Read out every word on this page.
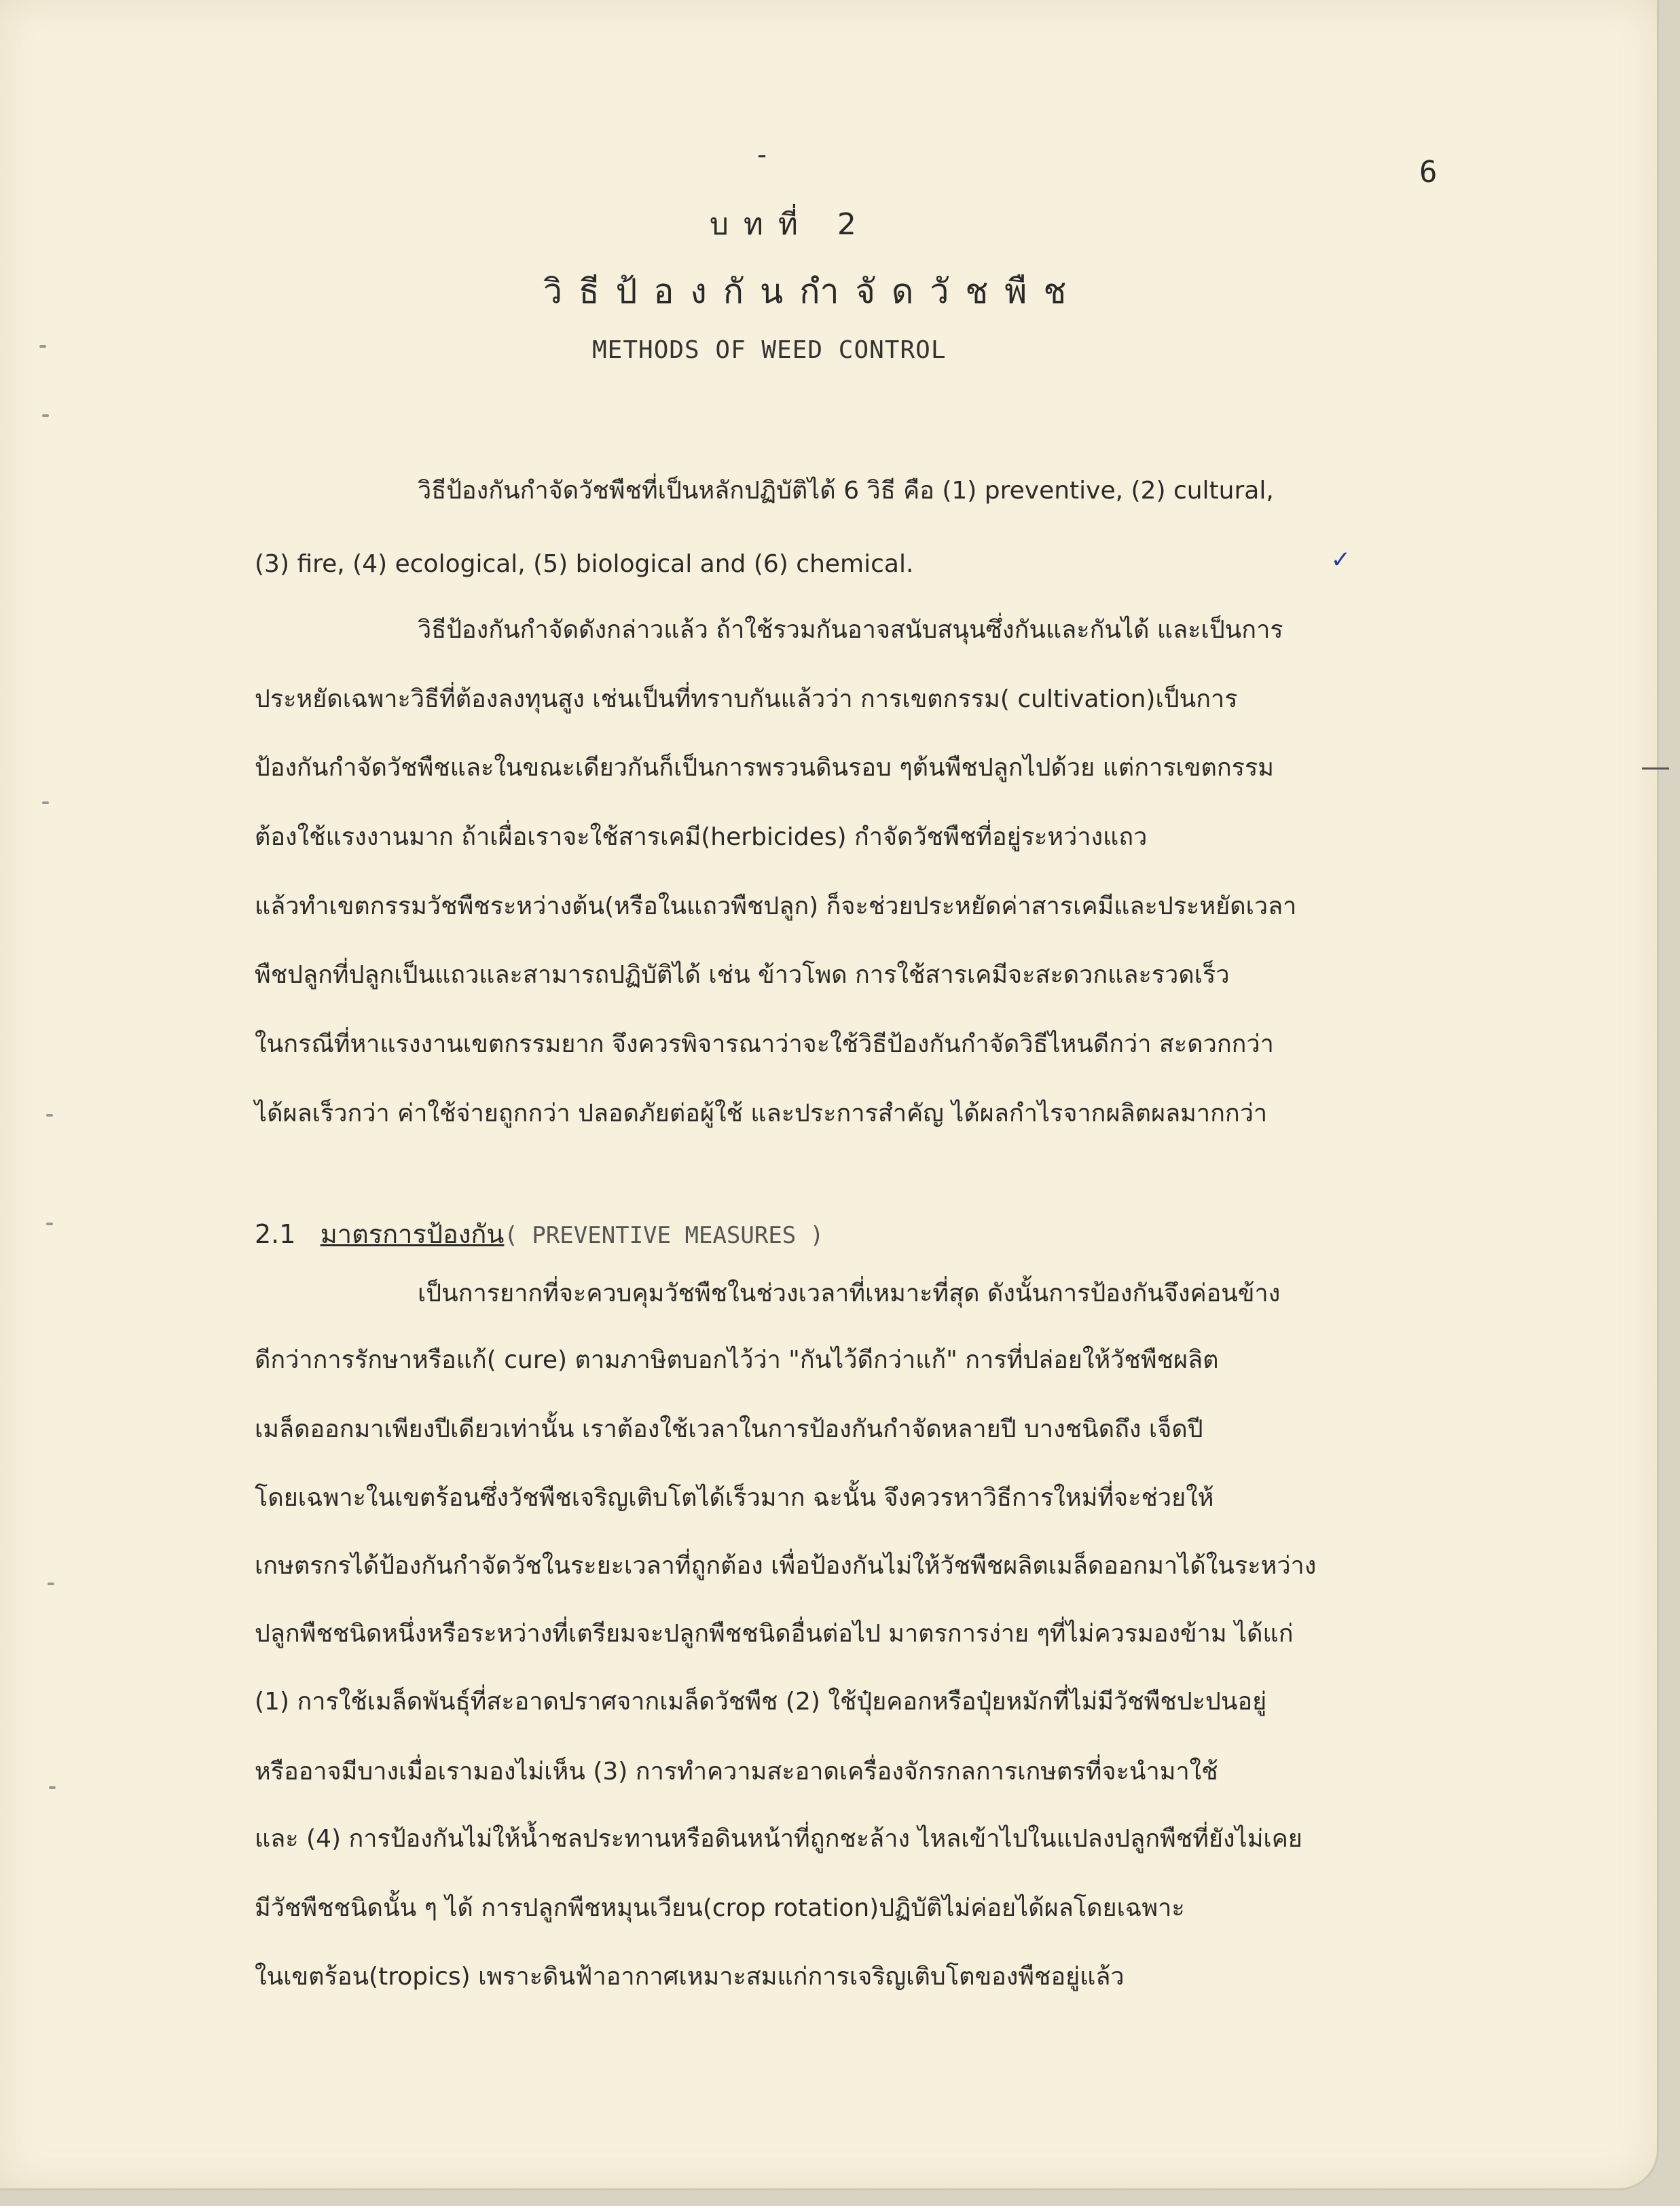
-	6
บทที่ 2
วิธีป้องกันกำจัดวัชพืช
METHODS OF WEED CONTROL
วิธีป้องกันกำจัดวัชพืชที่เป็นหลักปฏิบัติได้ 6 วิธี คือ (1) preventive, (2) cultural,
(3) fire, (4) ecological, (5) biological and (6) chemical.	✓
วิธีป้องกันกำจัดดังกล่าวแล้ว ถ้าใช้รวมกันอาจสนับสนุนซึ่งกันและกันได้ และเป็นการ
ประหยัดเฉพาะวิธีที่ต้องลงทุนสูง เช่นเป็นที่ทราบกันแล้วว่า การเขตกรรม( cultivation)เป็นการ
ป้องกันกำจัดวัชพืชและในขณะเดียวกันก็เป็นการพรวนดินรอบ ๆต้นพืชปลูกไปด้วย แต่การเขตกรรม
ต้องใช้แรงงานมาก ถ้าเผื่อเราจะใช้สารเคมี(herbicides) กำจัดวัชพืชที่อยู่ระหว่างแถว
แล้วทำเขตกรรมวัชพืชระหว่างต้น(หรือในแถวพืชปลูก) ก็จะช่วยประหยัดค่าสารเคมีและประหยัดเวลา
พืชปลูกที่ปลูกเป็นแถวและสามารถปฏิบัติได้ เช่น ข้าวโพด การใช้สารเคมีจะสะดวกและรวดเร็ว
ในกรณีที่หาแรงงานเขตกรรมยาก จึงควรพิจารณาว่าจะใช้วิธีป้องกันกำจัดวิธีไหนดีกว่า สะดวกกว่า
ได้ผลเร็วกว่า ค่าใช้จ่ายถูกกว่า ปลอดภัยต่อผู้ใช้ และประการสำคัญ ได้ผลกำไรจากผลิตผลมากกว่า
2.1 มาตรการป้องกัน( PREVENTIVE MEASURES )
เป็นการยากที่จะควบคุมวัชพืชในช่วงเวลาที่เหมาะที่สุด ดังนั้นการป้องกันจึงค่อนข้าง
ดีกว่าการรักษาหรือแก้( cure) ตามภาษิตบอกไว้ว่า "กันไว้ดีกว่าแก้" การที่ปล่อยให้วัชพืชผลิต
เมล็ดออกมาเพียงปีเดียวเท่านั้น เราต้องใช้เวลาในการป้องกันกำจัดหลายปี บางชนิดถึง เจ็ดปี
โดยเฉพาะในเขตร้อนซึ่งวัชพืชเจริญเติบโตได้เร็วมาก ฉะนั้น จึงควรหาวิธีการใหม่ที่จะช่วยให้
เกษตรกรได้ป้องกันกำจัดวัชในระยะเวลาที่ถูกต้อง เพื่อป้องกันไม่ให้วัชพืชผลิตเมล็ดออกมาได้ในระหว่าง
ปลูกพืชชนิดหนึ่งหรือระหว่างที่เตรียมจะปลูกพืชชนิดอื่นต่อไป มาตรการง่าย ๆที่ไม่ควรมองข้าม ได้แก่
(1) การใช้เมล็ดพันธุ์ที่สะอาดปราศจากเมล็ดวัชพืช (2) ใช้ปุ๋ยคอกหรือปุ๋ยหมักที่ไม่มีวัชพืชปะปนอยู่
หรืออาจมีบางเมื่อเรามองไม่เห็น (3) การทำความสะอาดเครื่องจักรกลการเกษตรที่จะนำมาใช้
และ (4) การป้องกันไม่ให้น้ำชลประทานหรือดินหน้าที่ถูกชะล้าง ไหลเข้าไปในแปลงปลูกพืชที่ยังไม่เคย
มีวัชพืชชนิดนั้น ๆ ได้ การปลูกพืชหมุนเวียน(crop rotation)ปฏิบัติไม่ค่อยได้ผลโดยเฉพาะ
ในเขตร้อน(tropics) เพราะดินฟ้าอากาศเหมาะสมแก่การเจริญเติบโตของพืชอยู่แล้ว
